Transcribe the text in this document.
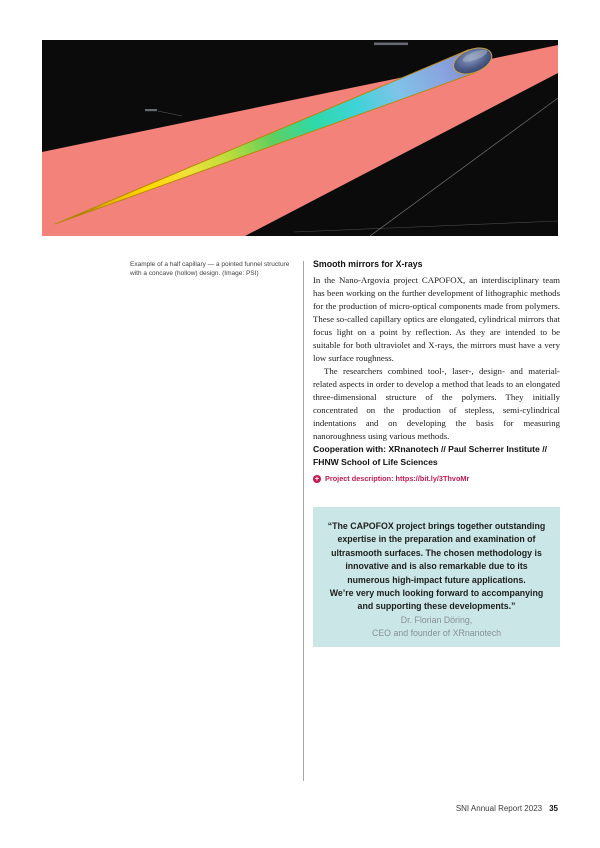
Example of a half capillary — a pointed funnel structure with a concave (hollow) design. (Image: PSI)
Smooth mirrors for X-rays

In the Nano-Argovia project CAPOFOX, an interdisciplinary team has been working on the further development of lithographic methods for the production of micro-optical components made from polymers. These so-called capillary optics are elongated, cylindrical mirrors that focus light on a point by reflection. As they are intended to be suitable for both ultraviolet and X-rays, the mirrors must have a very low surface roughness.

The researchers combined tool-, laser-, design- and material-related aspects in order to develop a method that leads to an elongated three-dimensional structure of the polymers. They initially concentrated on the production of stepless, semi-cylindrical indentations and on developing the basis for measuring nanoroughness using various methods.

Cooperation with: XRnanotech // Paul Scherrer Institute //
FHNW School of Life Sciences
+ Project description: https://bit.ly/3ThvoMr
“The CAPOFOX project brings together outstanding
expertise in the preparation and examination of
ultrasmooth surfaces. The chosen methodology is
innovative and is also remarkable due to its
numerous high-impact future applications.
We’re very much looking forward to accompanying
and supporting these developments.”
Dr. Florian Döring,
CEO and founder of XRnanotech
SNI Annual Report 2023 35
